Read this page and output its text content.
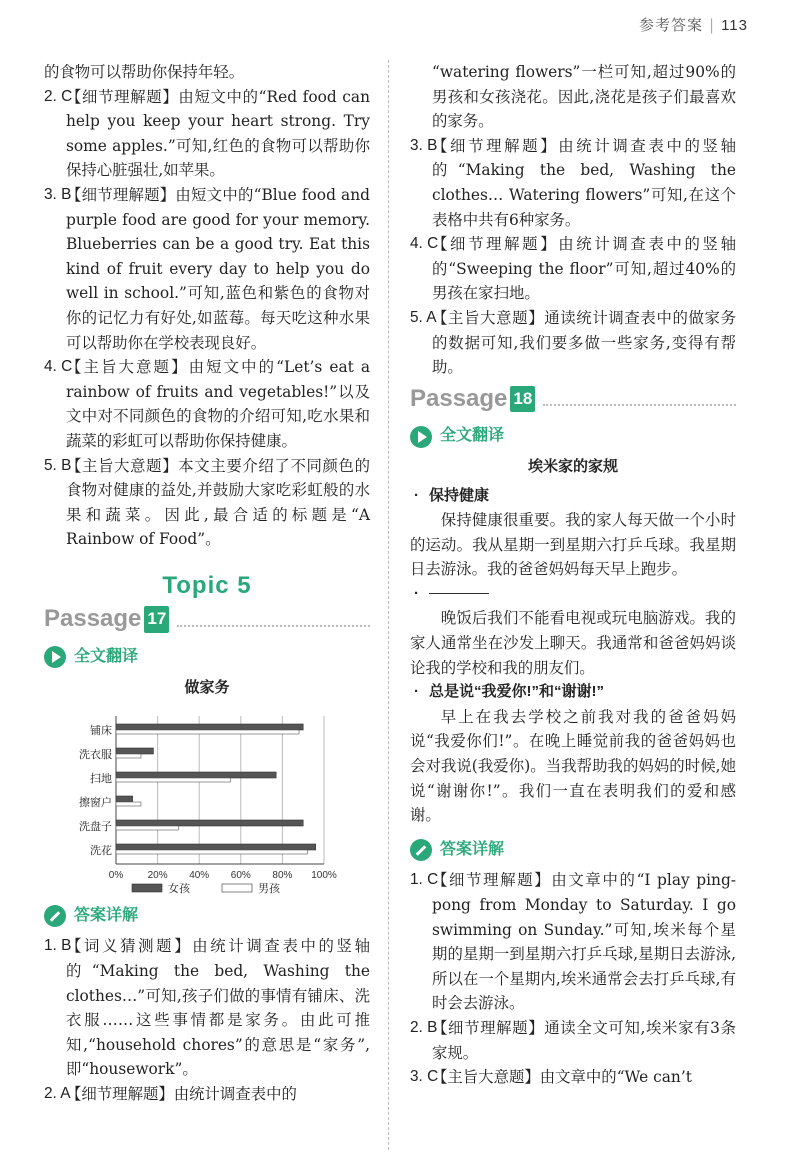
参考答案 | 113

的食物可以帮助你保持年轻。

2. C
【细节理解题】由短文中的“Red food can help you keep your heart strong. Try some apples.”可知,红色的食物可以帮助你保持心脏强壮,如苹果。
3. B
【细节理解题】由短文中的“Blue food and purple food are good for your memory. Blueberries can be a good try. Eat this kind of fruit every day to help you do well in school.”可知,蓝色和紫色的食物对你的记忆力有好处,如蓝莓。每天吃这种水果可以帮助你在学校表现良好。
4. C
【主旨大意题】由短文中的“Let’s eat a rainbow of fruits and vegetables!”以及文中对不同颜色的食物的介绍可知,吃水果和蔬菜的彩虹可以帮助你保持健康。
5. B
【主旨大意题】本文主要介绍了不同颜色的食物对健康的益处,并鼓励大家吃彩虹般的水果和蔬菜。因此,最合适的标题是“A Rainbow of Food”。
Topic 5
Passage 17
全文翻译
做家务
0% 20% 40% 60% 80% 100%
铺床
洗衣服
扫地
擦窗户
洗盘子
洗花
女孩	男孩
答案详解
1. B
【词义猜测题】由统计调查表中的竖轴的“Making the bed, Washing the clothes…”可知,孩子们做的事情有铺床、洗衣服……这些事情都是家务。由此可推知,“household chores”的意思是“家务”,即“housework”。
2. A
【细节理解题】由统计调查表中的
“watering flowers”一栏可知,超过90%的男孩和女孩浇花。因此,浇花是孩子们最喜欢的家务。
3. B
【细节理解题】由统计调查表中的竖轴的“Making the bed, Washing the clothes… Watering flowers”可知,在这个表格中共有6种家务。
4. C
【细节理解题】由统计调查表中的竖轴的“Sweeping the floor”可知,超过40%的男孩在家扫地。
5. A
【主旨大意题】通读统计调查表中的做家务的数据可知,我们要多做一些家务,变得有帮助。
Passage 18
全文翻译
埃米家的家规
· 保持健康

保持健康很重要。我的家人每天做一个小时的运动。我从星期一到星期六打乒乓球。我星期日去游泳。我的爸爸妈妈每天早上跑步。

·

晚饭后我们不能看电视或玩电脑游戏。我的家人通常坐在沙发上聊天。我通常和爸爸妈妈谈论我的学校和我的朋友们。

· 总是说“我爱你!”和“谢谢!”

早上在我去学校之前我对我的爸爸妈妈说“我爱你们!”。在晚上睡觉前我的爸爸妈妈也会对我说(我爱你)。当我帮助我的妈妈的时候,她说“谢谢你!”。我们一直在表明我们的爱和感谢。

答案详解
1. C
【细节理解题】由文章中的“I play ping-pong from Monday to Saturday. I go swimming on Sunday.”可知,埃米每个星期的星期一到星期六打乒乓球,星期日去游泳,所以在一个星期内,埃米通常会去打乒乓球,有时会去游泳。
2. B
【细节理解题】通读全文可知,埃米家有3条家规。
3. C
【主旨大意题】由文章中的“We can’t
